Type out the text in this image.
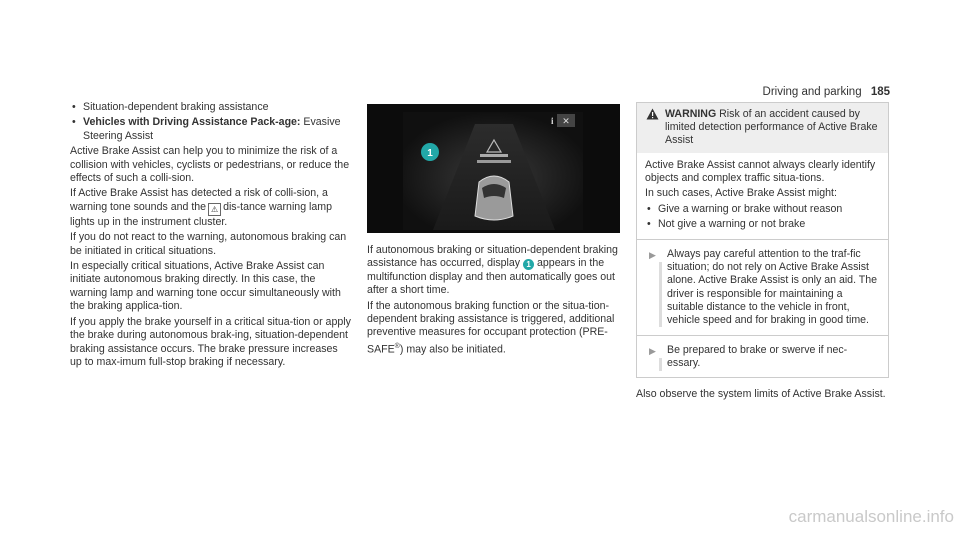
Driving and parking 185
• Situation-dependent braking assistance
• Vehicles with Driving Assistance Pack-age: Evasive Steering Assist

Active Brake Assist can help you to minimize the risk of a collision with vehicles, cyclists or pedestrians, or reduce the effects of such a colli-sion.

If Active Brake Assist has detected a risk of colli-sion, a warning tone sounds and the ⚠ dis-tance warning lamp lights up in the instrument cluster.

If you do not react to the warning, autonomous braking can be initiated in critical situations.

In especially critical situations, Active Brake Assist can initiate autonomous braking directly. In this case, the warning lamp and warning tone occur simultaneously with the braking applica-tion.

If you apply the brake yourself in a critical situa-tion or apply the brake during autonomous brak-ing, situation-dependent braking assistance occurs. The brake pressure increases up to max-imum full-stop braking if necessary.

1
i ✕

If autonomous braking or situation-dependent braking assistance has occurred, display 1 appears in the multifunction display and then automatically goes out after a short time.

If the autonomous braking function or the situa-tion-dependent braking assistance is triggered, additional preventive measures for occupant protection (PRE-SAFE®) may also be initiated.

WARNING Risk of an accident caused by limited detection performance of Active Brake Assist

Active Brake Assist cannot always clearly identify objects and complex traffic situa-tions.

In such cases, Active Brake Assist might:

• Give a warning or brake without reason
• Not give a warning or not brake
▶ Always pay careful attention to the traf-fic situation; do not rely on Active Brake Assist alone. Active Brake Assist is only an aid. The driver is responsible for maintaining a suitable distance to the vehicle in front, vehicle speed and for braking in good time.
▶ Be prepared to brake or swerve if nec-essary.
Also observe the system limits of Active Brake Assist.
carmanualsonline.info
